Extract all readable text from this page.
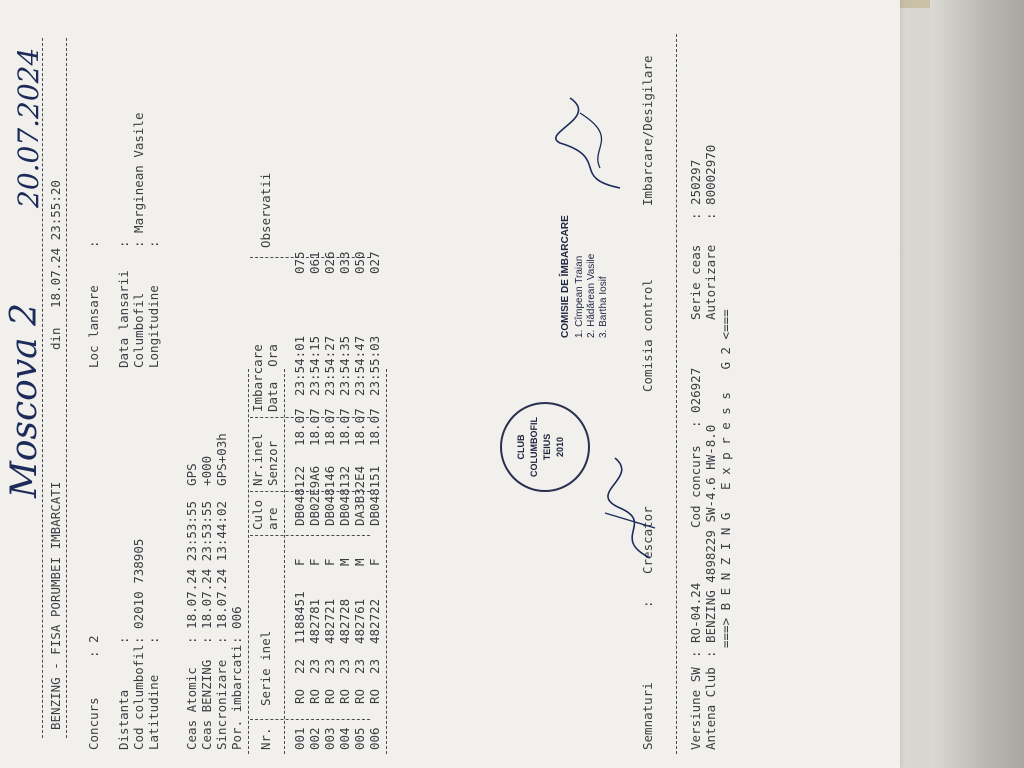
BENZING - FISA PORUMBEI IMBARCATI
din
18.07.24 23:55:20
Moscova 2
20.07.2024
Concurs
: 2
Loc lansare
:
Distanta
:
Data lansarii
:
Cod columbofil
: 02010 738905
Columbofil
: Marginean Vasile
Latitudine
:
Longitudine
:
Ceas Atomic
: 18.07.24 23:53:55  GPS
Ceas BENZING
: 18.07.24 23:53:55  +000
Sincronizare
: 18.07.24 13:44:02  GPS+03h
Por. imbarcati
: 006
Nr.
Serie inel
Culo are
Nr.inel Senzor
Imbarcare Data  Ora
Observatii
001	RO	22	1188451	F	DB048122	18.07	23:54:01	075
002	RO	23	482781	F	DB02E9A6	18.07	23:54:15	061
003	RO	23	482721	F	DB048146	18.07	23:54:27	026
004	RO	23	482728	M	DB048132	18.07	23:54:35	033
005	RO	23	482761	M	DA3B32E4	18.07	23:54:47	050
006	RO	23	482722	F	DB048151	18.07	23:55:03	027
CLUB COLUMBOFIL TEIUS 2010
COMISIE DE ÎMBARCARE 1. Cîmpean Traian 2. Hădărean Vasile 3. Bartha Iosif
Semnaturi
:
Crescator
Comisia control
Imbarcare/Desigilare
Versiune SW
: RO-04.24
Cod concurs
: 026927
Serie ceas
: 250297
Antena Club
: BENZING 4898229 SW-4.6 HW-8.0
Autorizare
: 80002970
===> B E N Z I N G   E x p r e s s   G 2 <===
